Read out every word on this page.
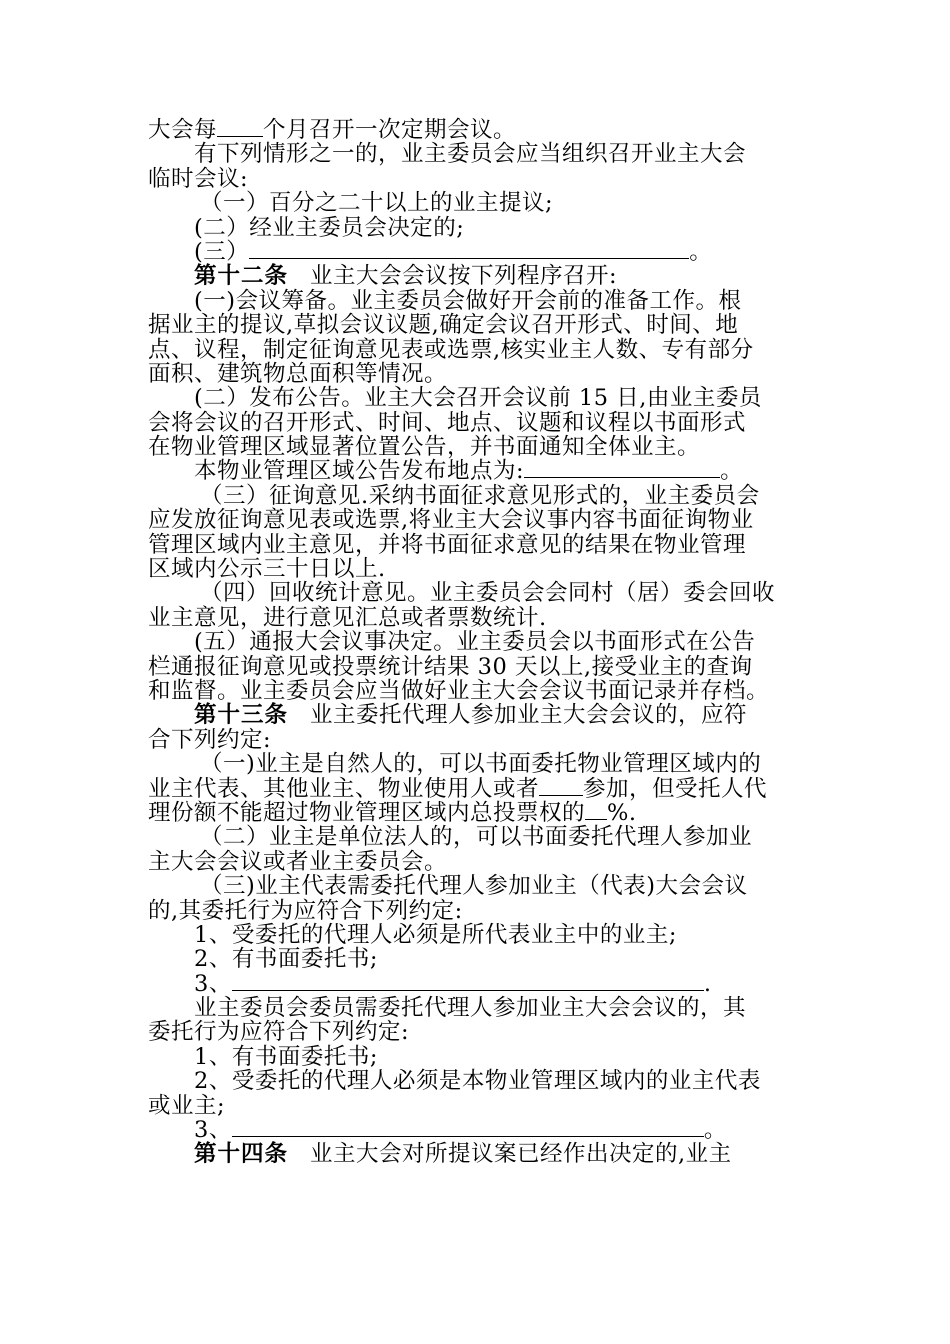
大会每 个月召开一次定期会议。
有下列情形之一的，业主委员会应当组织召开业主大会
临时会议:
（一）百分之二十以上的业主提议;
(二）经业主委员会决定的;
(三）	。
第十二条 业主大会会议按下列程序召开:
(一)会议筹备。业主委员会做好开会前的准备工作。根
据业主的提议,草拟会议议题,确定会议召开形式、时间、地
点、议程，制定征询意见表或选票,核实业主人数、专有部分
面积、建筑物总面积等情况。
(二）发布公告。业主大会召开会议前 15 日,由业主委员
会将会议的召开形式、时间、地点、议题和议程以书面形式
在物业管理区域显著位置公告，并书面通知全体业主。
本物业管理区域公告发布地点为:	。
（三）征询意见.采纳书面征求意见形式的，业主委员会
应发放征询意见表或选票,将业主大会议事内容书面征询物业
管理区域内业主意见，并将书面征求意见的结果在物业管理
区域内公示三十日以上.
（四）回收统计意见。业主委员会会同村（居）委会回收
业主意见，进行意见汇总或者票数统计.
(五）通报大会议事决定。业主委员会以书面形式在公告
栏通报征询意见或投票统计结果 30 天以上,接受业主的查询
和监督。业主委员会应当做好业主大会会议书面记录并存档。
第十三条 业主委托代理人参加业主大会会议的，应符
合下列约定:
（一)业主是自然人的，可以书面委托物业管理区域内的
业主代表、其他业主、物业使用人或者 参加，但受托人代
理份额不能超过物业管理区域内总投票权的 %.
（二）业主是单位法人的，可以书面委托代理人参加业
主大会会议或者业主委员会。
（三)业主代表需委托代理人参加业主（代表)大会会议
的,其委托行为应符合下列约定:
1、受委托的代理人必须是所代表业主中的业主;
2、有书面委托书;
3、	.
业主委员会委员需委托代理人参加业主大会会议的，其
委托行为应符合下列约定:
1、有书面委托书;
2、受委托的代理人必须是本物业管理区域内的业主代表
或业主;
3、	。
第十四条 业主大会对所提议案已经作出决定的,业主
